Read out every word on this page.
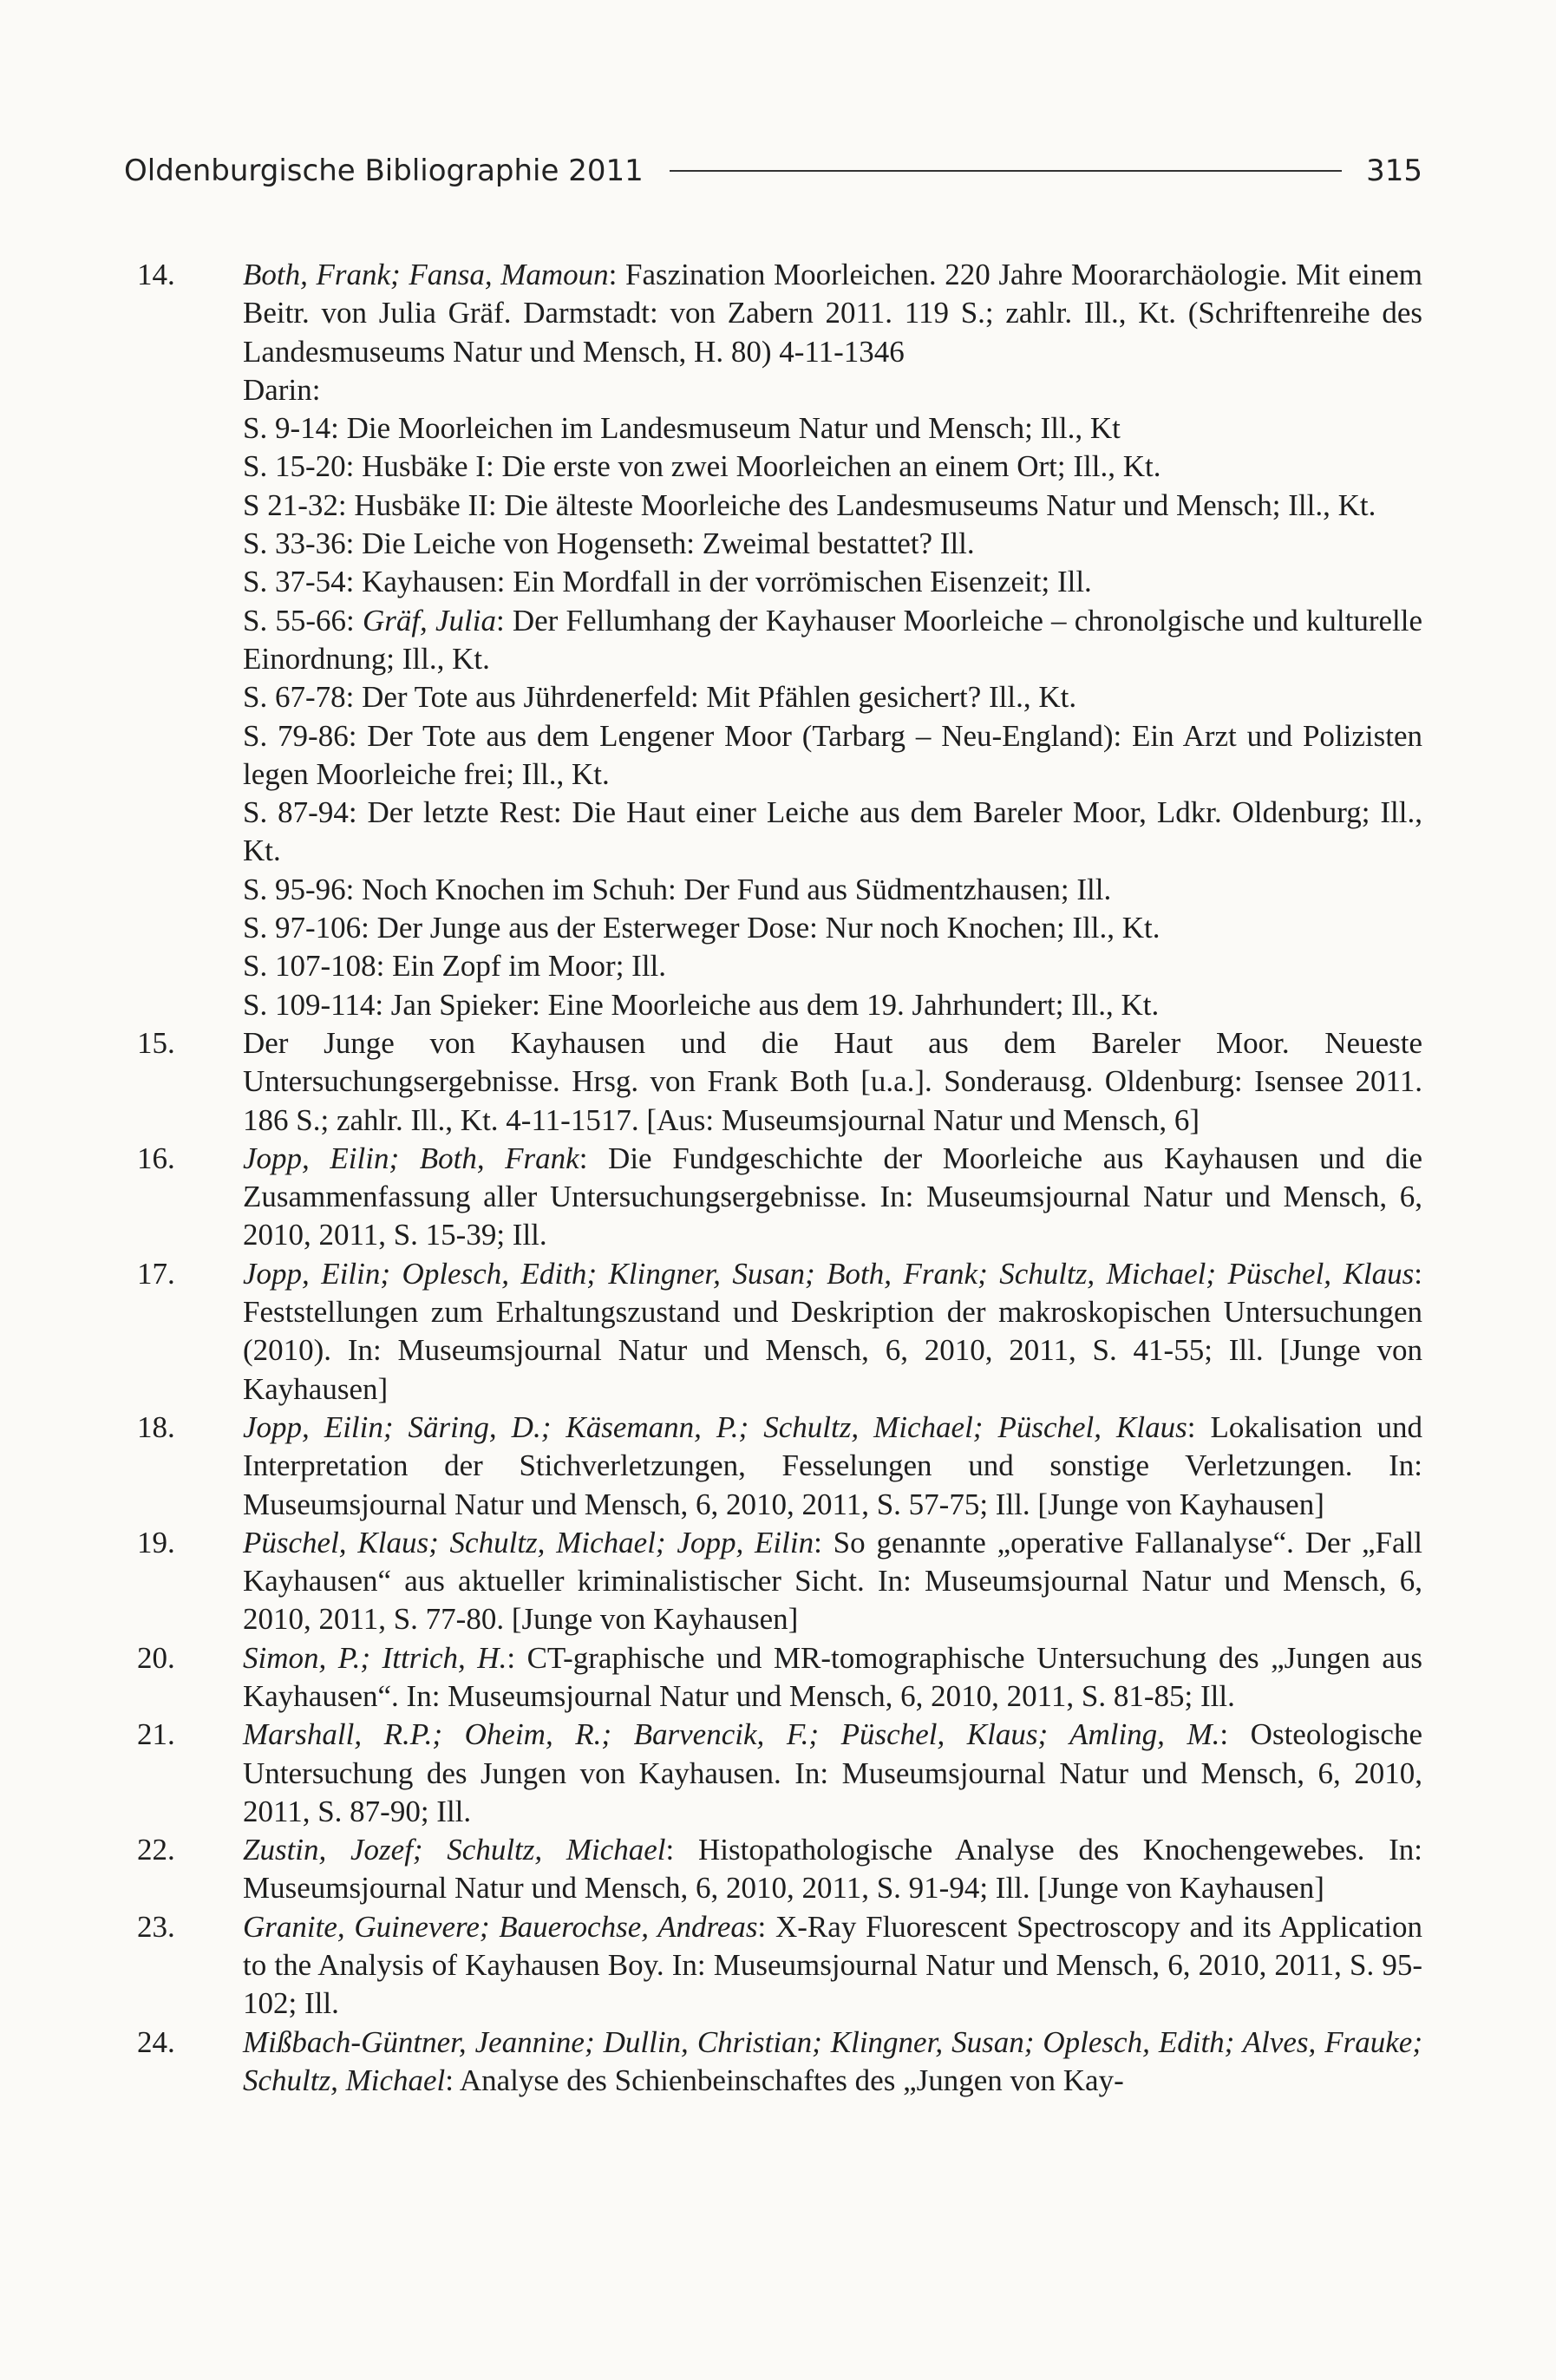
Oldenburgische Bibliographie 2011	315
14.	Both, Frank; Fansa, Mamoun: Faszination Moorleichen. 220 Jahre Moorarchäologie. Mit einem Beitr. von Julia Gräf. Darmstadt: von Zabern 2011. 119 S.; zahlr. Ill., Kt. (Schriftenreihe des Landesmuseums Natur und Mensch, H. 80) 4-11-1346
Darin:
S. 9-14: Die Moorleichen im Landesmuseum Natur und Mensch; Ill., Kt
S. 15-20: Husbäke I: Die erste von zwei Moorleichen an einem Ort; Ill., Kt.
S 21-32: Husbäke II: Die älteste Moorleiche des Landesmuseums Natur und Mensch; Ill., Kt.
S. 33-36: Die Leiche von Hogenseth: Zweimal bestattet? Ill.
S. 37-54: Kayhausen: Ein Mordfall in der vorrömischen Eisenzeit; Ill.
S. 55-66: Gräf, Julia: Der Fellumhang der Kayhauser Moorleiche – chronolgische und kulturelle Einordnung; Ill., Kt.
S. 67-78: Der Tote aus Jührdenerfeld: Mit Pfählen gesichert? Ill., Kt.
S. 79-86: Der Tote aus dem Lengener Moor (Tarbarg – Neu-England): Ein Arzt und Polizisten legen Moorleiche frei; Ill., Kt.
S. 87-94: Der letzte Rest: Die Haut einer Leiche aus dem Bareler Moor, Ldkr. Oldenburg; Ill., Kt.
S. 95-96: Noch Knochen im Schuh: Der Fund aus Südmentzhausen; Ill.
S. 97-106: Der Junge aus der Esterweger Dose: Nur noch Knochen; Ill., Kt.
S. 107-108: Ein Zopf im Moor; Ill.
S. 109-114: Jan Spieker: Eine Moorleiche aus dem 19. Jahrhundert; Ill., Kt.
15.	Der Junge von Kayhausen und die Haut aus dem Bareler Moor. Neueste Untersuchungsergebnisse. Hrsg. von Frank Both [u.a.]. Sonderausg. Oldenburg: Isensee 2011. 186 S.; zahlr. Ill., Kt. 4-11-1517. [Aus: Museumsjournal Natur und Mensch, 6]
16.	Jopp, Eilin; Both, Frank: Die Fundgeschichte der Moorleiche aus Kayhausen und die Zusammenfassung aller Untersuchungsergebnisse. In: Museumsjournal Natur und Mensch, 6, 2010, 2011, S. 15-39; Ill.
17.	Jopp, Eilin; Oplesch, Edith; Klingner, Susan; Both, Frank; Schultz, Michael; Püschel, Klaus: Feststellungen zum Erhaltungszustand und Deskription der makroskopischen Untersuchungen (2010). In: Museumsjournal Natur und Mensch, 6, 2010, 2011, S. 41-55; Ill. [Junge von Kayhausen]
18.	Jopp, Eilin; Säring, D.; Käsemann, P.; Schultz, Michael; Püschel, Klaus: Lokalisation und Interpretation der Stichverletzungen, Fesselungen und sonstige Verletzungen. In: Museumsjournal Natur und Mensch, 6, 2010, 2011, S. 57-75; Ill. [Junge von Kayhausen]
19.	Püschel, Klaus; Schultz, Michael; Jopp, Eilin: So genannte „operative Fallanalyse“. Der „Fall Kayhausen“ aus aktueller kriminalistischer Sicht. In: Museumsjournal Natur und Mensch, 6, 2010, 2011, S. 77-80. [Junge von Kayhausen]
20.	Simon, P.; Ittrich, H.: CT-graphische und MR-tomographische Untersuchung des „Jungen aus Kayhausen“. In: Museumsjournal Natur und Mensch, 6, 2010, 2011, S. 81-85; Ill.
21.	Marshall, R.P.; Oheim, R.; Barvencik, F.; Püschel, Klaus; Amling, M.: Osteologische Untersuchung des Jungen von Kayhausen. In: Museumsjournal Natur und Mensch, 6, 2010, 2011, S. 87-90; Ill.
22.	Zustin, Jozef; Schultz, Michael: Histopathologische Analyse des Knochengewebes. In: Museumsjournal Natur und Mensch, 6, 2010, 2011, S. 91-94; Ill. [Junge von Kayhausen]
23.	Granite, Guinevere; Bauerochse, Andreas: X-Ray Fluorescent Spectroscopy and its Application to the Analysis of Kayhausen Boy. In: Museumsjournal Natur und Mensch, 6, 2010, 2011, S. 95-102; Ill.
24.	Mißbach-Güntner, Jeannine; Dullin, Christian; Klingner, Susan; Oplesch, Edith; Alves, Frauke; Schultz, Michael: Analyse des Schienbeinschaftes des „Jungen von Kay-
